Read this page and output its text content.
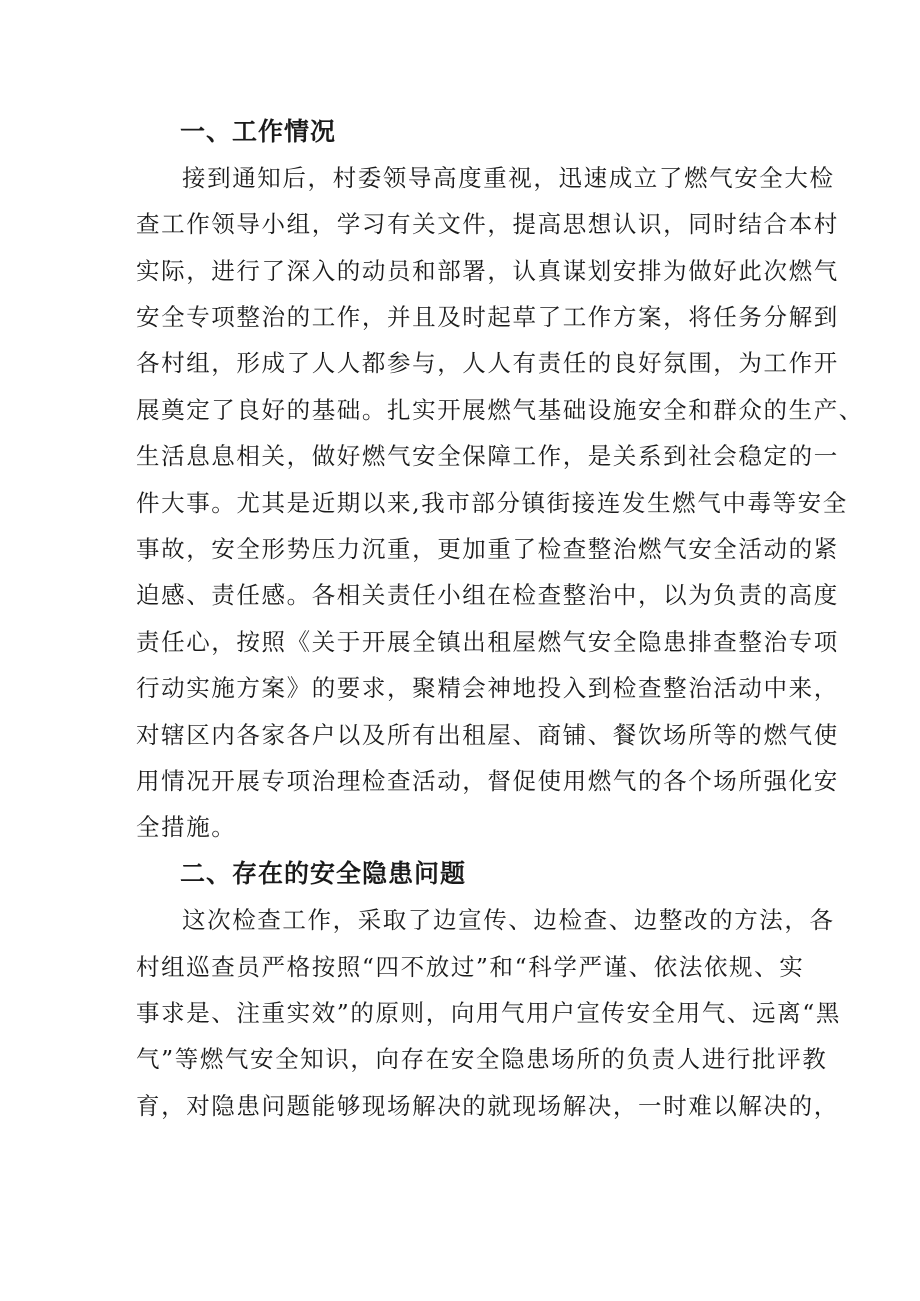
一、工作情况
接到通知后，村委领导高度重视，迅速成立了燃气安全大检
查工作领导小组，学习有关文件，提高思想认识，同时结合本村
实际，进行了深入的动员和部署，认真谋划安排为做好此次燃气
安全专项整治的工作，并且及时起草了工作方案，将任务分解到
各村组，形成了人人都参与，人人有责任的良好氛围，为工作开
展奠定了良好的基础。扎实开展燃气基础设施安全和群众的生产、
生活息息相关，做好燃气安全保障工作，是关系到社会稳定的一
件大事。尤其是近期以来,我市部分镇街接连发生燃气中毒等安全
事故，安全形势压力沉重，更加重了检查整治燃气安全活动的紧
迫感、责任感。各相关责任小组在检查整治中，以为负责的高度
责任心，按照《关于开展全镇出租屋燃气安全隐患排查整治专项
行动实施方案》的要求，聚精会神地投入到检查整治活动中来，
对辖区内各家各户以及所有出租屋、商铺、餐饮场所等的燃气使
用情况开展专项治理检查活动，督促使用燃气的各个场所强化安
全措施。
二、存在的安全隐患问题
这次检查工作，采取了边宣传、边检查、边整改的方法，各
村组巡查员严格按照“四不放过”和“科学严谨、依法依规、实
事求是、注重实效”的原则，向用气用户宣传安全用气、远离“黑
气”等燃气安全知识，向存在安全隐患场所的负责人进行批评教
育，对隐患问题能够现场解决的就现场解决，一时难以解决的，
